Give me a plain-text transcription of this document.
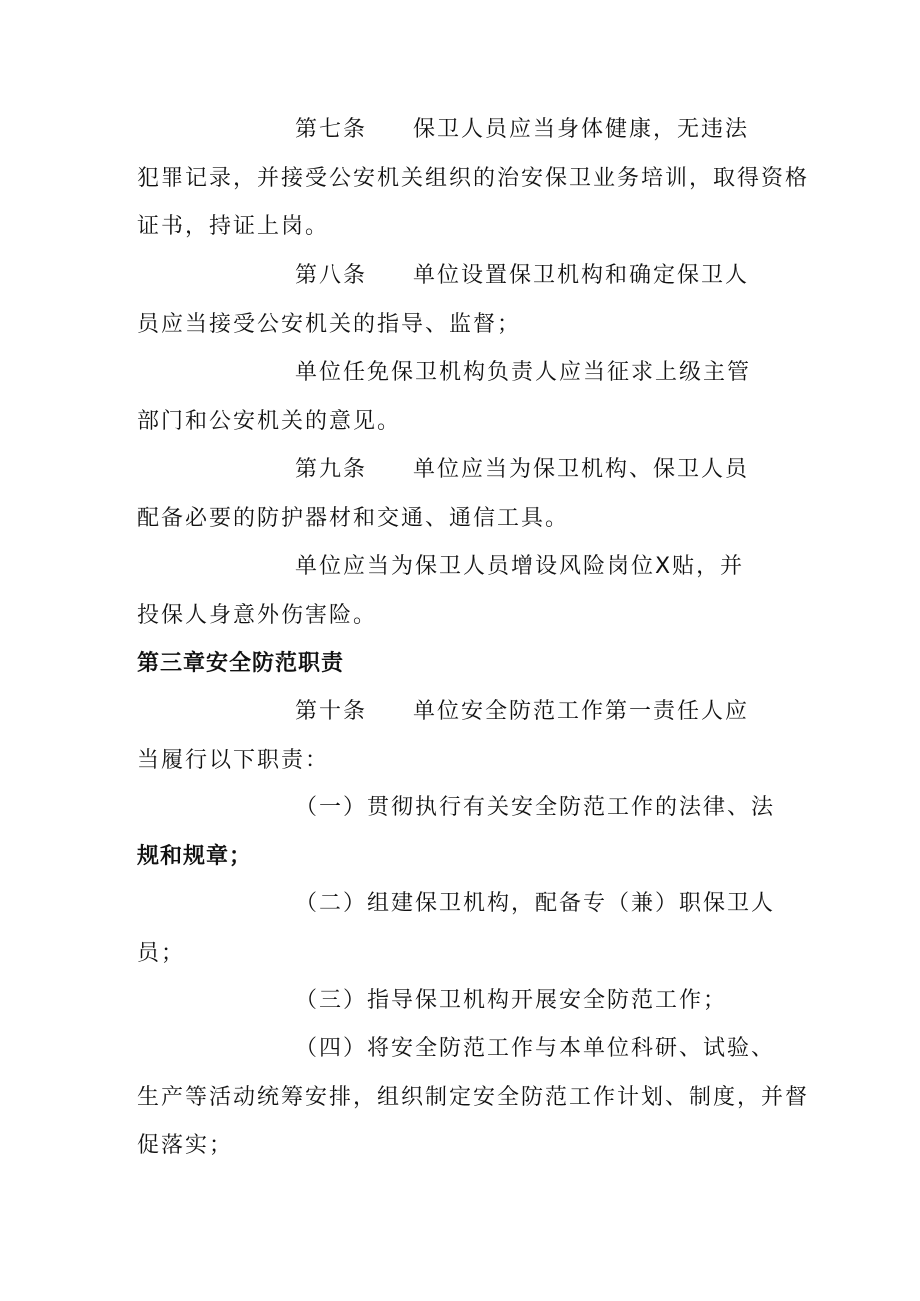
第七条 保卫人员应当身体健康，无违法
犯罪记录，并接受公安机关组织的治安保卫业务培训，取得资格
证书，持证上岗。
第八条 单位设置保卫机构和确定保卫人
员应当接受公安机关的指导、监督；
单位任免保卫机构负责人应当征求上级主管
部门和公安机关的意见。
第九条 单位应当为保卫机构、保卫人员
配备必要的防护器材和交通、通信工具。
单位应当为保卫人员增设风险岗位X贴，并
投保人身意外伤害险。
第三章安全防范职责
第十条 单位安全防范工作第一责任人应
当履行以下职责：
（一）贯彻执行有关安全防范工作的法律、法
规和规章；
（二）组建保卫机构，配备专（兼）职保卫人
员；
（三）指导保卫机构开展安全防范工作；
（四）将安全防范工作与本单位科研、试验、
生产等活动统筹安排，组织制定安全防范工作计划、制度，并督
促落实；
